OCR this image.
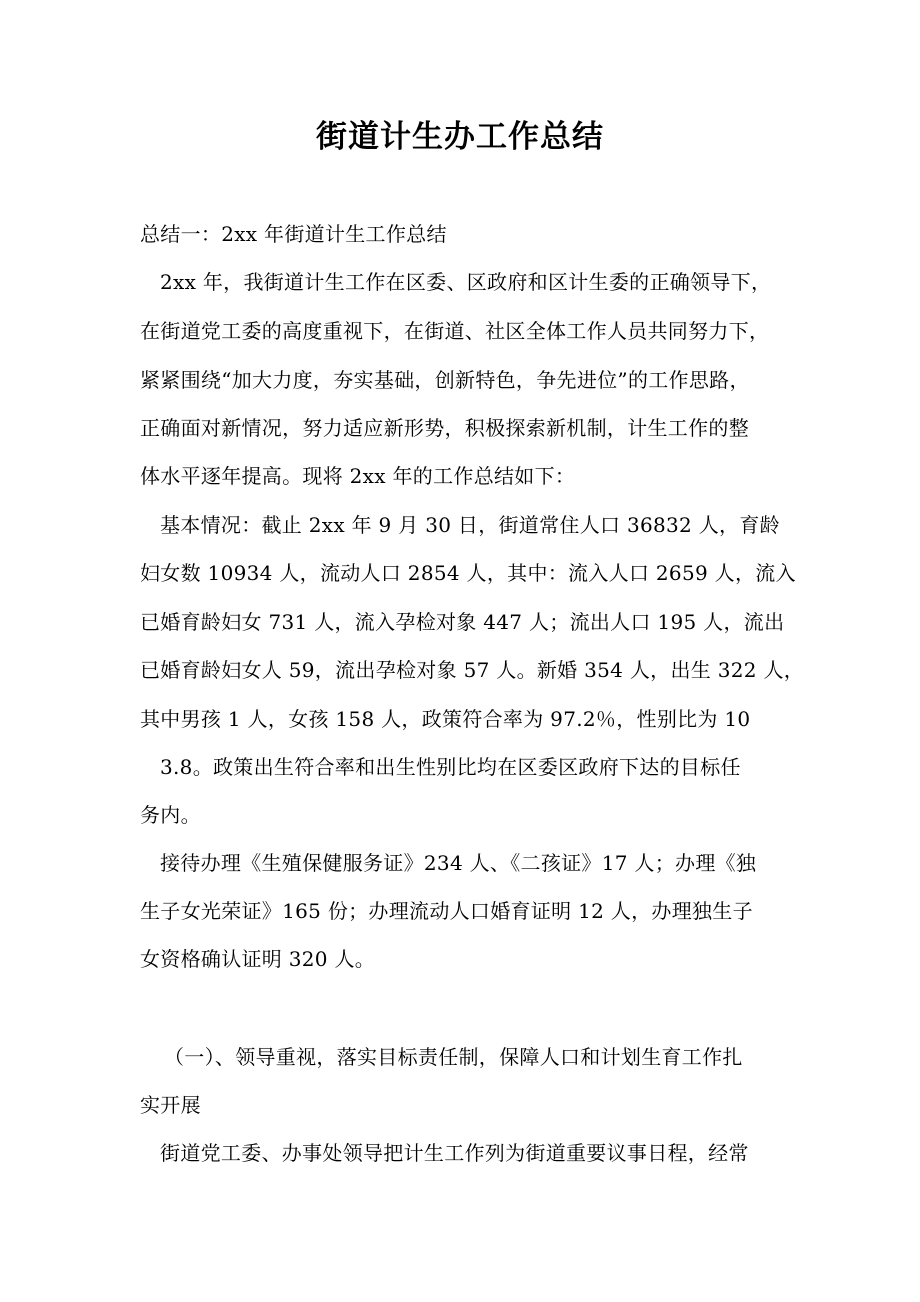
街道计生办工作总结
总结一：2xx 年街道计生工作总结
2xx 年，我街道计生工作在区委、区政府和区计生委的正确领导下，
在街道党工委的高度重视下，在街道、社区全体工作人员共同努力下，
紧紧围绕“加大力度，夯实基础，创新特色，争先进位”的工作思路，
正确面对新情况，努力适应新形势，积极探索新机制，计生工作的整
体水平逐年提高。现将 2xx 年的工作总结如下：
基本情况：截止 2xx 年 9 月 30 日，街道常住人口 36832 人，育龄
妇女数 10934 人，流动人口 2854 人，其中：流入人口 2659 人，流入
已婚育龄妇女 731 人，流入孕检对象 447 人；流出人口 195 人，流出
已婚育龄妇女人 59，流出孕检对象 57 人。新婚 354 人，出生 322 人，
其中男孩 1 人，女孩 158 人，政策符合率为 97.2％，性别比为 10
3.8。政策出生符合率和出生性别比均在区委区政府下达的目标任
务内。
接待办理《生殖保健服务证》234 人、《二孩证》17 人；办理《独
生子女光荣证》165 份；办理流动人口婚育证明 12 人，办理独生子
女资格确认证明 320 人。
（一）、领导重视，落实目标责任制，保障人口和计划生育工作扎
实开展
街道党工委、办事处领导把计生工作列为街道重要议事日程，经常
